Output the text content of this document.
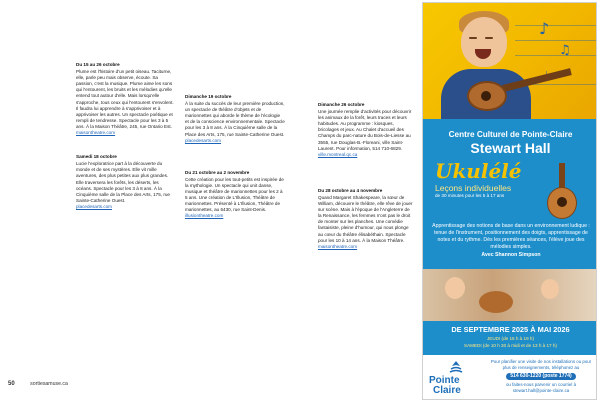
Du 15 au 26 octobre

Plume est l'histoire d'un petit oiseau. Taciturne, elle, parle peu mais observe, écoute. Sa passion, c'est la musique. Plume aime les sons qui l'entourent, les bruits et les mélodies qu'elle entend tout autour d'elle. Mais lorsqu'elle s'approche, tous ceux qui l'entourent s'envolent. Il faudra lui apprendre à s'apprivoiser et à apprivoiser les autres. Un spectacle poétique et rempli de tendresse. Spectacle pour les 3 à 5 ans. À la Maison Théâtre, 245, rue Ontario Est.

maisontheatre.com
Samedi 18 octobre

Lucie l'exploratrice part à la découverte du monde et de ses mystères. Elle vit mille aventures, des plus petites aux plus grandes. Elle traversera les forêts, les déserts, les océans. Spectacle pour les 3 à 8 ans. À la Cinquième salle de la Place des Arts, 175, rue Sainte-Catherine Ouest.

placedesarts.com
Dimanche 19 octobre

À la suite du succès de leur première production, un spectacle de théâtre d'objets et de marionnettes qui aborde le thème de l'écologie et de la conscience environnementale. Spectacle pour les 3 à 8 ans. À la Cinquième salle de la Place des Arts, 175, rue Sainte-Catherine Ouest.

placedesarts.com
Du 21 octobre au 2 novembre

Cette création pour les tout-petits est inspirée de la mythologie. Un spectacle qui unit danse, musique et théâtre de marionnettes pour les 2 à 5 ans. Une création de L'Illusion, Théâtre de marionnettes. Présenté à L'Illusion, Théâtre de marionnettes, au 6430, rue Saint-Denis.

illusiontheatre.com
Dimanche 26 octobre

Une journée remplie d'activités pour découvrir les animaux de la forêt, leurs traces et leurs habitudes. Au programme : kiosques, bricolages et jeux. Au Chalet d'accueil des Champs du parc-nature du Bois-de-Liesse au 3555, rue Douglas-B.-Floreani, ville Saint-Laurent. Pour information, 514 710-6829.

ville.montreal.qc.ca
Du 28 octobre au 4 novembre

Quand Margaret Shakespeare, la sœur de William, découvre le théâtre, elle rêve de jouer sur scène. Mais à l'époque de l'Angleterre de la Renaissance, les femmes n'ont pas le droit de monter sur les planches. Une comédie fantaisiste, pleine d'humour, qui nous plonge au cœur du théâtre élisabéthain. Spectacle pour les 10 à 14 ans. À la Maison Théâtre.

maisontheatre.com
50	sortiesamuse.ca
♪
♫
Centre Culturel de Pointe-Claire
Stewart Hall
Ukulélé
Leçons individuelles
de 30 minutes pour les 5 à 17 ans
Apprentissage des notions de base dans un environnement ludique : tenue de l'instrument, positionnement des doigts, apprentissage de notes et du rythme. Dès les premières séances, l'élève joue des mélodies simples.
Avec Shannon Simpson
DE SEPTEMBRE 2025 À MAI 2026
JEUDI (de 15 h à 19 h)
SAMEDI (de 10 h 30 à midi et de 13 h à 17 h)
Pointe
Claire
Pour planifier une visite de nos installations ou pour plus de renseignements, téléphonez au
514 630-1220 (poste 1774)
ou faites-nous parvenir un courriel à stewart.hall@pointe-claire.ca
